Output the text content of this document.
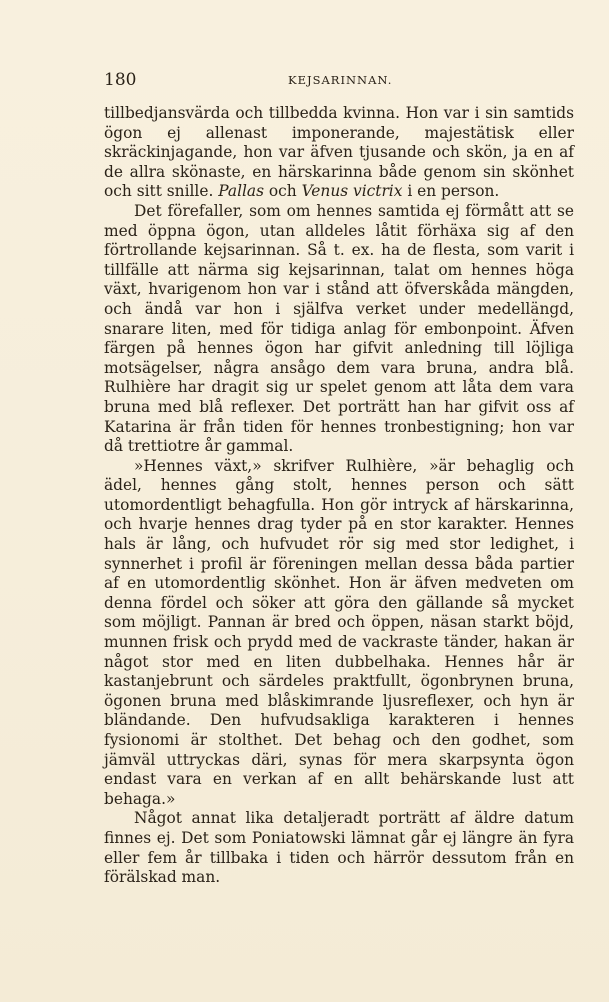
180	KEJSARINNAN.

tillbedjansvärda och tillbedda kvinna. Hon var i sin samtids ögon ej allenast imponerande, majestätisk eller skräckinjagande, hon var äfven tjusande och skön, ja en af de allra skönaste, en härskarinna både genom sin skönhet och sitt snille. Pallas och Venus victrix i en person.

Det förefaller, som om hennes samtida ej förmått att se med öppna ögon, utan alldeles låtit förhäxa sig af den förtrollande kejsarinnan. Så t. ex. ha de flesta, som varit i tillfälle att närma sig kejsarinnan, talat om hennes höga växt, hvarigenom hon var i stånd att öfverskåda mängden, och ändå var hon i själfva verket under medellängd, snarare liten, med för tidiga anlag för embonpoint. Äfven färgen på hennes ögon har gifvit anledning till löjliga motsägelser, några ansågo dem vara bruna, andra blå. Rulhière har dragit sig ur spelet genom att låta dem vara bruna med blå reflexer. Det porträtt han har gifvit oss af Katarina är från tiden för hennes tronbestigning; hon var då trettiotre år gammal.

»Hennes växt,» skrifver Rulhière, »är behaglig och ädel, hennes gång stolt, hennes person och sätt utomordentligt behagfulla. Hon gör intryck af härskarinna, och hvarje hennes drag tyder på en stor karakter. Hennes hals är lång, och hufvudet rör sig med stor ledighet, i synnerhet i profil är föreningen mellan dessa båda partier af en utomordentlig skönhet. Hon är äfven medveten om denna fördel och söker att göra den gällande så mycket som möjligt. Pannan är bred och öppen, näsan starkt böjd, munnen frisk och prydd med de vackraste tänder, hakan är något stor med en liten dubbelhaka. Hennes hår är kastanjebrunt och särdeles praktfullt, ögonbrynen bruna, ögonen bruna med blåskimrande ljusreflexer, och hyn är bländande. Den hufvudsakliga karakteren i hennes fysionomi är stolthet. Det behag och den godhet, som jämväl uttryckas däri, synas för mera skarpsynta ögon endast vara en verkan af en allt behärskande lust att behaga.»

Något annat lika detaljeradt porträtt af äldre datum finnes ej. Det som Poniatowski lämnat går ej längre än fyra eller fem år tillbaka i tiden och härrör dessutom från en förälskad man.
